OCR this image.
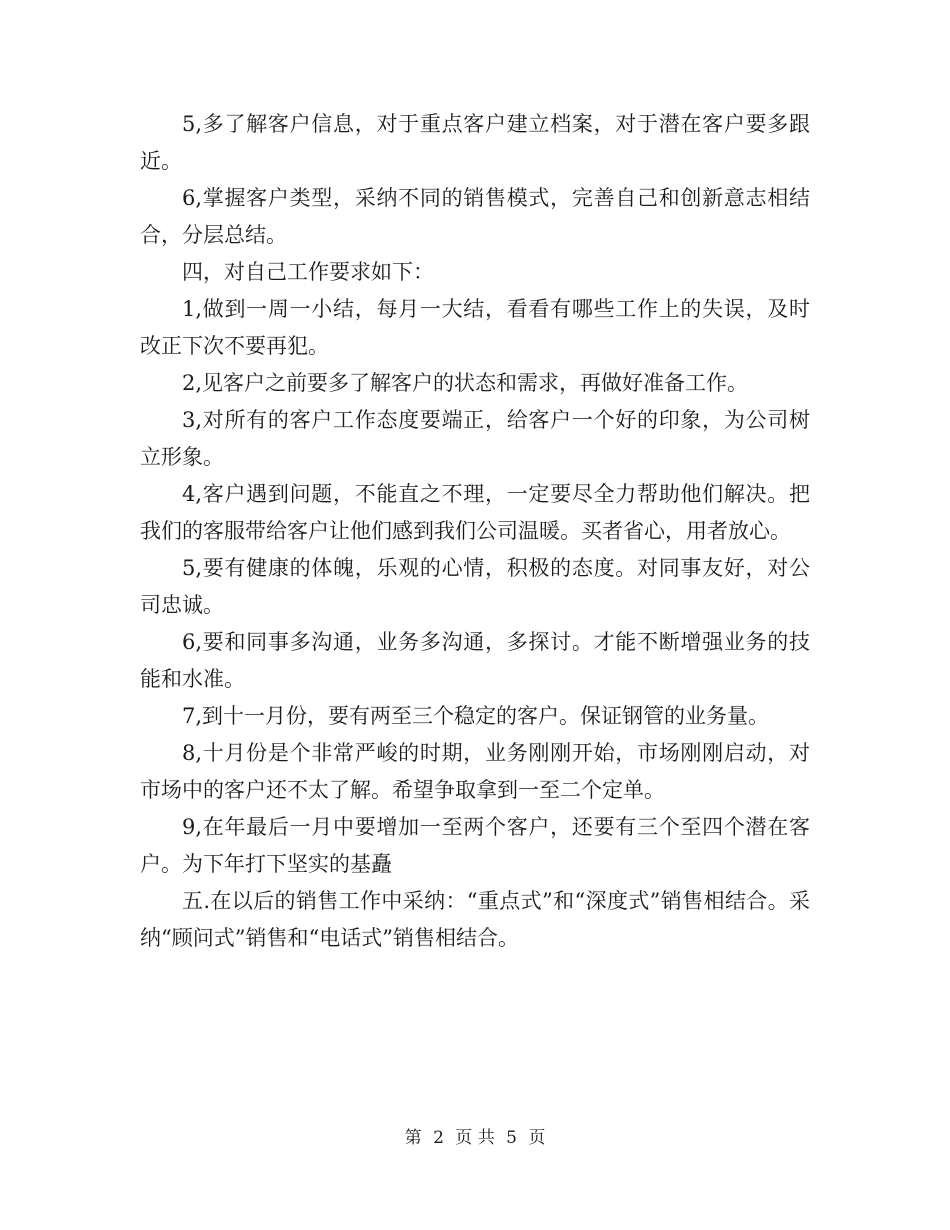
5,多了解客户信息，对于重点客户建立档案，对于潜在客户要多跟近。

6,掌握客户类型，采纳不同的销售模式，完善自己和创新意志相结合，分层总结。

四，对自己工作要求如下：

1,做到一周一小结，每月一大结，看看有哪些工作上的失误，及时改正下次不要再犯。

2,见客户之前要多了解客户的状态和需求，再做好准备工作。

3,对所有的客户工作态度要端正，给客户一个好的印象，为公司树立形象。

4,客户遇到问题，不能直之不理，一定要尽全力帮助他们解决。把我们的客服带给客户让他们感到我们公司温暖。买者省心，用者放心。

5,要有健康的体魄，乐观的心情，积极的态度。对同事友好，对公司忠诚。

6,要和同事多沟通，业务多沟通，多探讨。才能不断增强业务的技能和水准。

7,到十一月份，要有两至三个稳定的客户。保证钢管的业务量。

8,十月份是个非常严峻的时期，业务刚刚开始，市场刚刚启动，对市场中的客户还不太了解。希望争取拿到一至二个定单。

9,在年最后一月中要增加一至两个客户，还要有三个至四个潜在客户。为下年打下坚实的基矗

五.在以后的销售工作中采纳：“重点式”和“深度式”销售相结合。采纳“顾问式”销售和“电话式”销售相结合。

第 2 页 共 5 页
